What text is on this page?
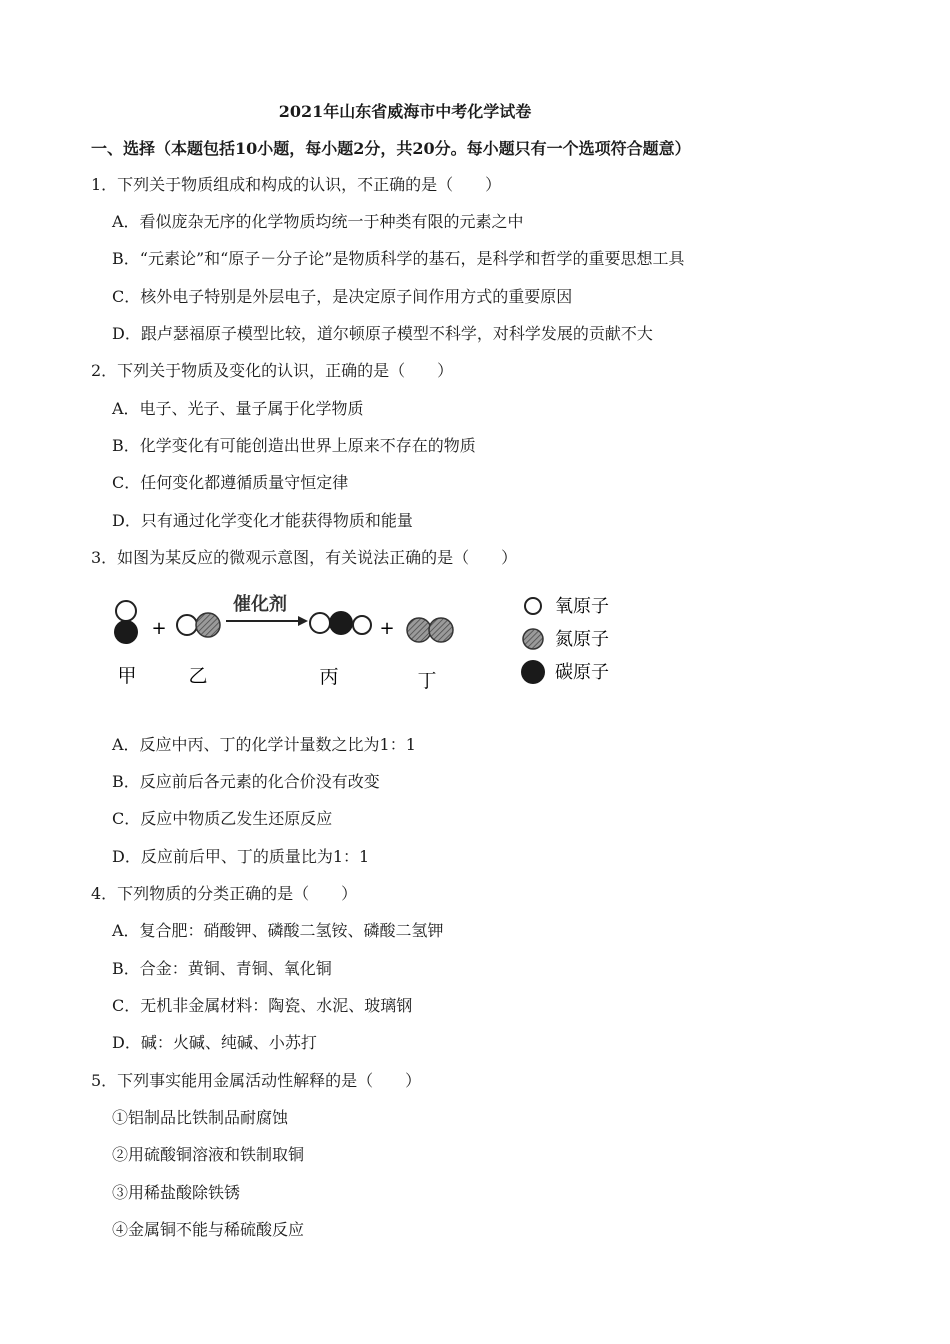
2021年山东省威海市中考化学试卷
一、选择（本题包括10小题，每小题2分，共20分。每小题只有一个选项符合题意）
1．下列关于物质组成和构成的认识，不正确的是（　　）
A．看似庞杂无序的化学物质均统一于种类有限的元素之中
B．“元素论”和“原子－分子论”是物质科学的基石，是科学和哲学的重要思想工具
C．核外电子特别是外层电子，是决定原子间作用方式的重要原因
D．跟卢瑟福原子模型比较，道尔顿原子模型不科学，对科学发展的贡献不大
2．下列关于物质及变化的认识，正确的是（　　）
A．电子、光子、量子属于化学物质
B．化学变化有可能创造出世界上原来不存在的物质
C．任何变化都遵循质量守恒定律
D．只有通过化学变化才能获得物质和能量
3．如图为某反应的微观示意图，有关说法正确的是（　　）
+
催化剂
+
甲	乙	丙	丁
氧原子
氮原子
碳原子
A．反应中丙、丁的化学计量数之比为1：1
B．反应前后各元素的化合价没有改变
C．反应中物质乙发生还原反应
D．反应前后甲、丁的质量比为1：1
4．下列物质的分类正确的是（　　）
A．复合肥：硝酸钾、磷酸二氢铵、磷酸二氢钾
B．合金：黄铜、青铜、氧化铜
C．无机非金属材料：陶瓷、水泥、玻璃钢
D．碱：火碱、纯碱、小苏打
5．下列事实能用金属活动性解释的是（　　）
①铝制品比铁制品耐腐蚀
②用硫酸铜溶液和铁制取铜
③用稀盐酸除铁锈
④金属铜不能与稀硫酸反应
